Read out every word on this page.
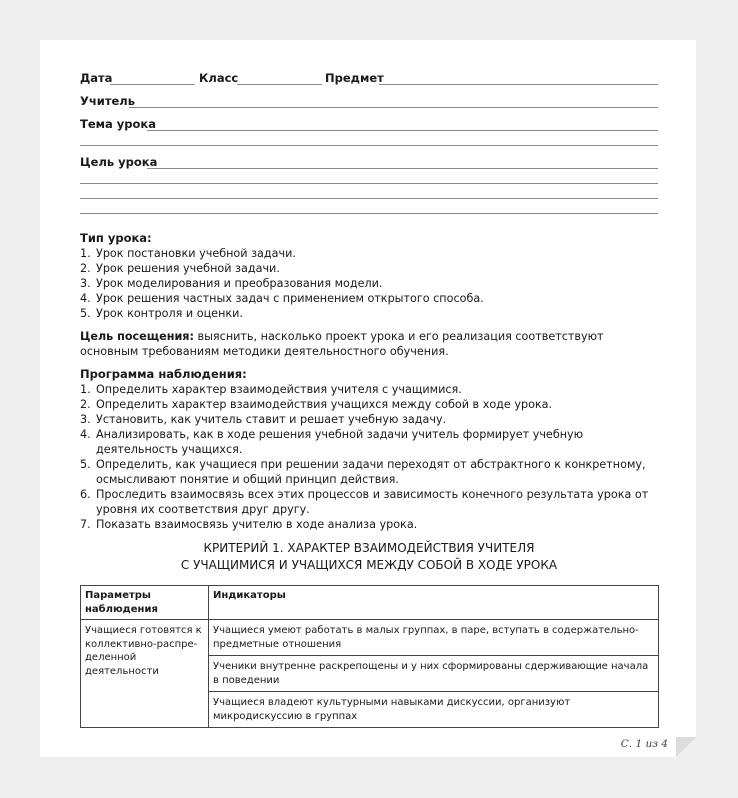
Дата	Класс	Предмет
Учитель
Тема урока
Цель урока
Тип урока:
1. Урок постановки учебной задачи.
2. Урок решения учебной задачи.
3. Урок моделирования и преобразования модели.
4. Урок решения частных задач с применением открытого способа.
5. Урок контроля и оценки.
Цель посещения: выяснить, насколько проект урока и его реализация соответствуют основным требованиям методики деятельностного обучения.
Программа наблюдения:
1. Определить характер взаимодействия учителя с учащимися.
2. Определить характер взаимодействия учащихся между собой в ходе урока.
3. Установить, как учитель ставит и решает учебную задачу.
4. Анализировать, как в ходе решения учебной задачи учитель формирует учебную деятельность учащихся.
5. Определить, как учащиеся при решении задачи переходят от абстрактного к конкретному, осмысливают понятие и общий принцип действия.
6. Проследить взаимосвязь всех этих процессов и зависимость конечного результата урока от уровня их соответствия друг другу.
7. Показать взаимосвязь учителю в ходе анализа урока.
КРИТЕРИЙ 1. ХАРАКТЕР ВЗАИМОДЕЙСТВИЯ УЧИТЕЛЯ
С УЧАЩИМИСЯ И УЧАЩИХСЯ МЕЖДУ СОБОЙ В ХОДЕ УРОКА
Параметры наблюдения	Индикаторы
Учащиеся готовятся к коллективно-распределенной деятельности	Учащиеся умеют работать в малых группах, в паре, вступать в содержательно-предметные отношения
	Ученики внутренне раскрепощены и у них сформированы сдерживающие начала в поведении
	Учащиеся владеют культурными навыками дискуссии, организуют микродискуссию в группах
С. 1 из 4
